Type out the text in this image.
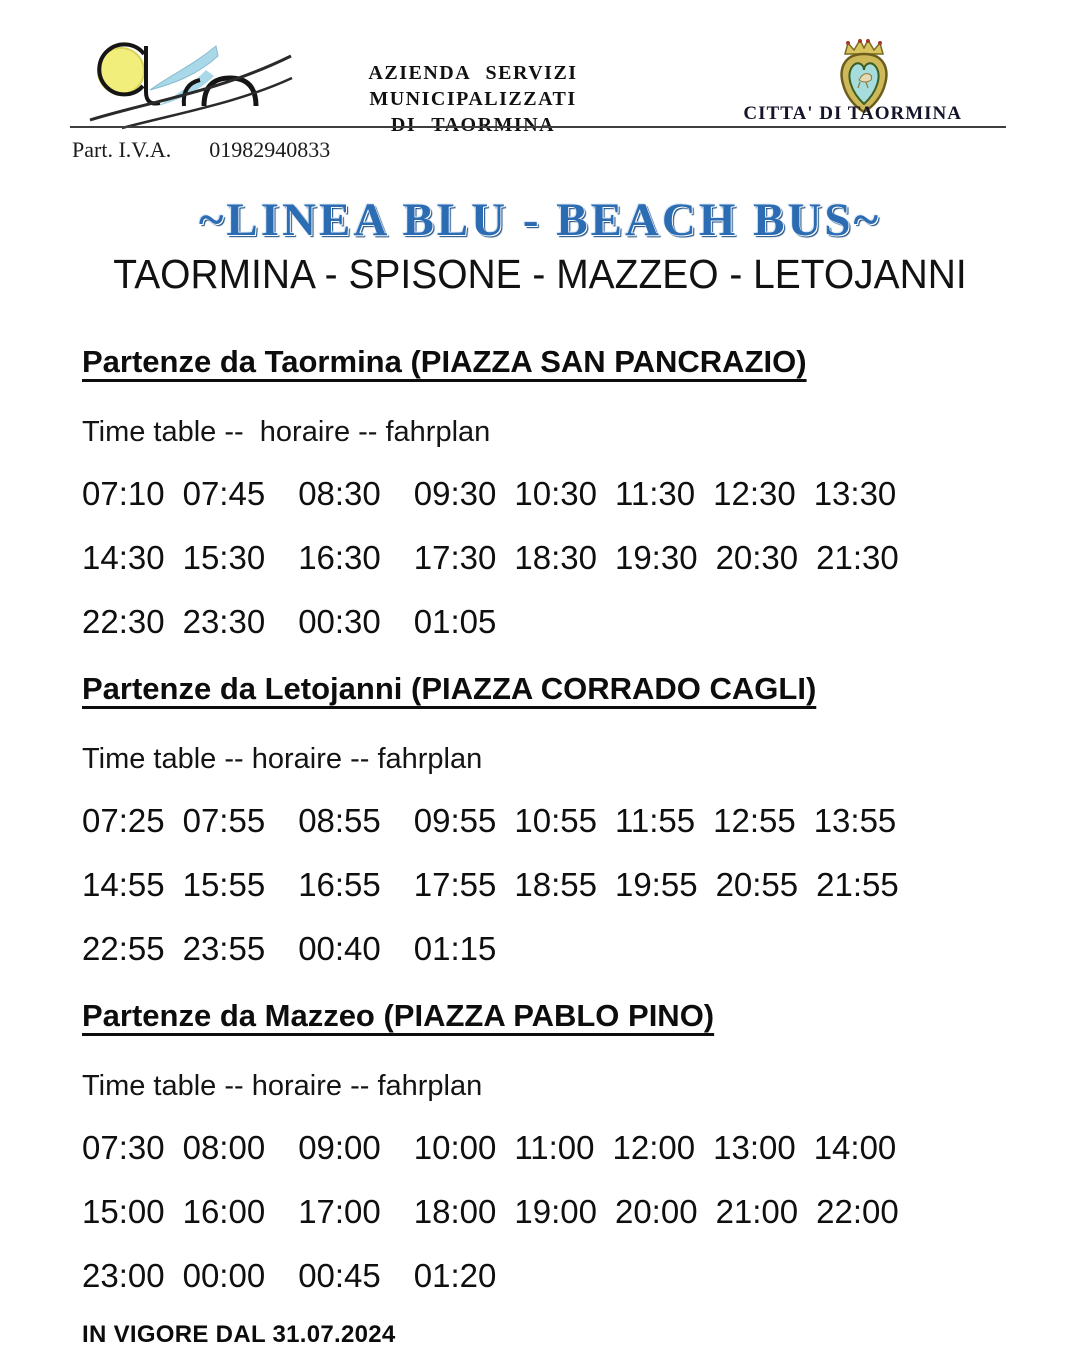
AZIENDA SERVIZI MUNICIPALIZZATI
DI TAORMINA
CITTA' DI TAORMINA
Part. I.V.A. 01982940833
~LINEA BLU - BEACH BUS~
TAORMINA - SPISONE - MAZZEO - LETOJANNI
Partenze da Taormina (PIAZZA SAN PANCRAZIO)
Time table --  horaire -- fahrplan
07:10 07:45 08:30 09:30 10:30 11:30 12:30 13:30
14:30 15:30 16:30 17:30 18:30 19:30 20:30 21:30
22:30 23:30 00:30 01:05
Partenze da Letojanni (PIAZZA CORRADO CAGLI)
Time table -- horaire -- fahrplan
07:25 07:55 08:55 09:55 10:55 11:55 12:55 13:55
14:55 15:55 16:55 17:55 18:55 19:55 20:55 21:55
22:55 23:55 00:40 01:15
Partenze da Mazzeo (PIAZZA PABLO PINO)
Time table -- horaire -- fahrplan
07:30 08:00 09:00 10:00 11:00 12:00 13:00 14:00
15:00 16:00 17:00 18:00 19:00 20:00 21:00 22:00
23:00 00:00 00:45 01:20
IN VIGORE DAL 31.07.2024
